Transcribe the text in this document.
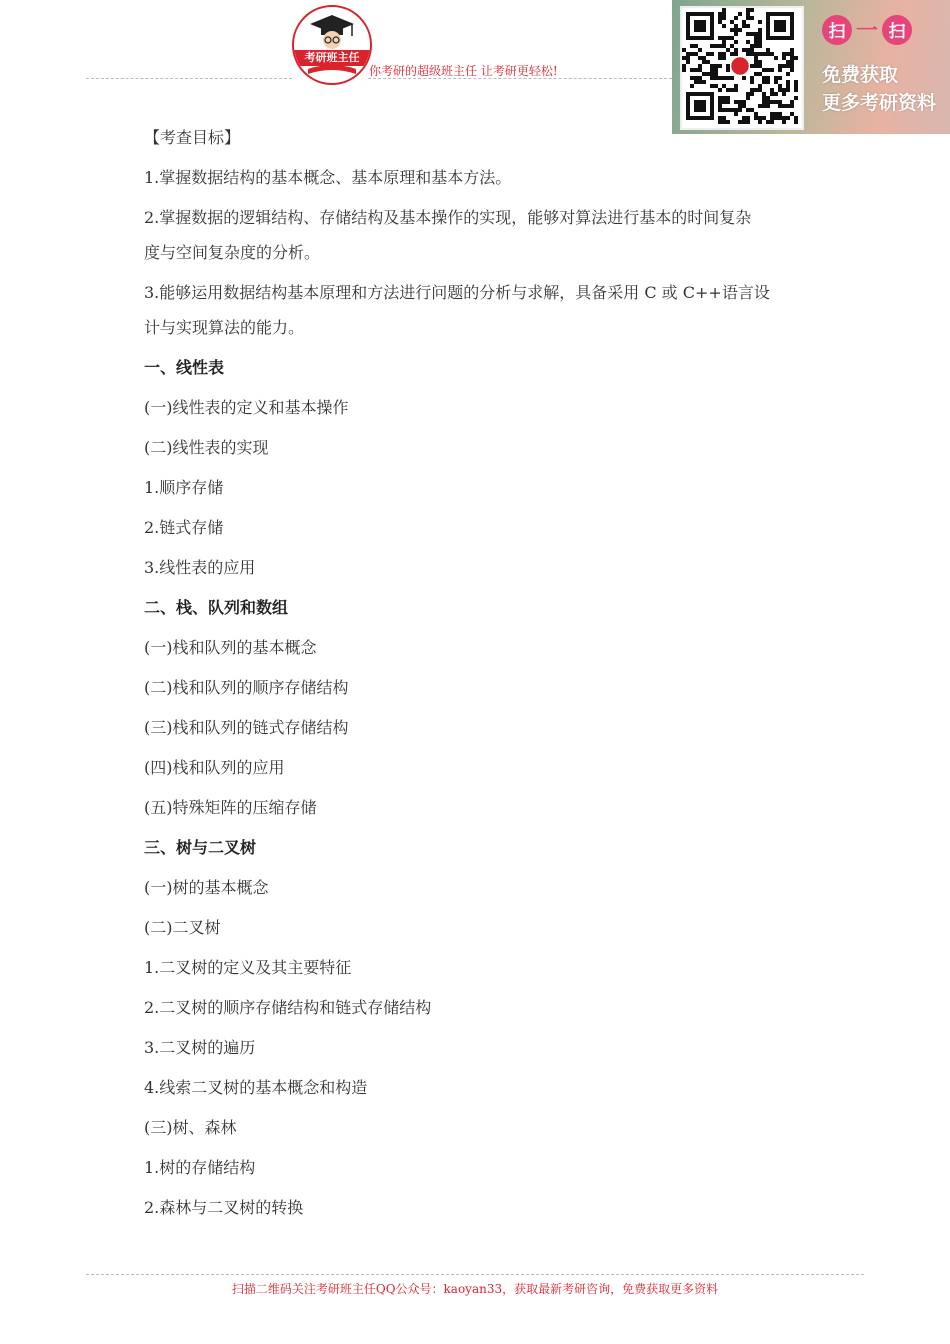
考研班主任
你考研的超级班主任 让考研更轻松!
扫 一 扫
免费获取
更多考研资料
【考查目标】
1.掌握数据结构的基本概念、基本原理和基本方法。
2.掌握数据的逻辑结构、存储结构及基本操作的实现，能够对算法进行基本的时间复杂
度与空间复杂度的分析。
3.能够运用数据结构基本原理和方法进行问题的分析与求解，具备采用 C 或 C++语言设
计与实现算法的能力。
一、线性表
(一)线性表的定义和基本操作
(二)线性表的实现
1.顺序存储
2.链式存储
3.线性表的应用
二、栈、队列和数组
(一)栈和队列的基本概念
(二)栈和队列的顺序存储结构
(三)栈和队列的链式存储结构
(四)栈和队列的应用
(五)特殊矩阵的压缩存储
三、树与二叉树
(一)树的基本概念
(二)二叉树
1.二叉树的定义及其主要特征
2.二叉树的顺序存储结构和链式存储结构
3.二叉树的遍历
4.线索二叉树的基本概念和构造
(三)树、森林
1.树的存储结构
2.森林与二叉树的转换
扫描二维码关注考研班主任QQ公众号：kaoyan33，获取最新考研咨询，免费获取更多资料
